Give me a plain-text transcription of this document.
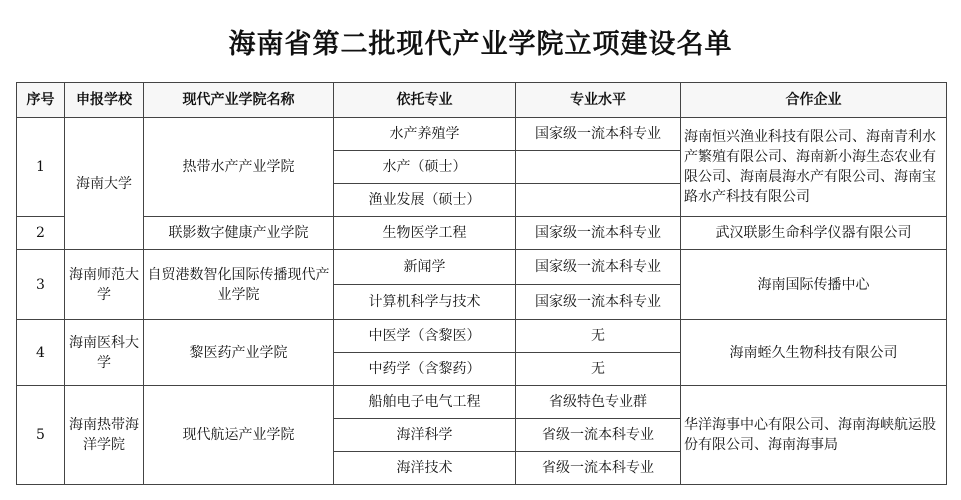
海南省第二批现代产业学院立项建设名单
序号	申报学校	现代产业学院名称	依托专业	专业水平	合作企业
1	海南大学	热带水产产业学院	水产养殖学	国家级一流本科专业	海南恒兴渔业科技有限公司、海南青利水产繁殖有限公司、海南新小海生态农业有限公司、海南晨海水产有限公司、海南宝路水产科技有限公司
			水产（硕士）		
			渔业发展（硕士）		
2		联影数字健康产业学院	生物医学工程	国家级一流本科专业	武汉联影生命科学仪器有限公司
3	海南师范大学	自贸港数智化国际传播现代产业学院	新闻学	国家级一流本科专业	海南国际传播中心
			计算机科学与技术	国家级一流本科专业	
4	海南医科大学	黎医药产业学院	中医学（含黎医）	无	海南蛭久生物科技有限公司
			中药学（含黎药）	无	
5	海南热带海洋学院	现代航运产业学院	船舶电子电气工程	省级特色专业群	华洋海事中心有限公司、海南海峡航运股份有限公司、海南海事局
			海洋科学	省级一流本科专业	
			海洋技术	省级一流本科专业	
